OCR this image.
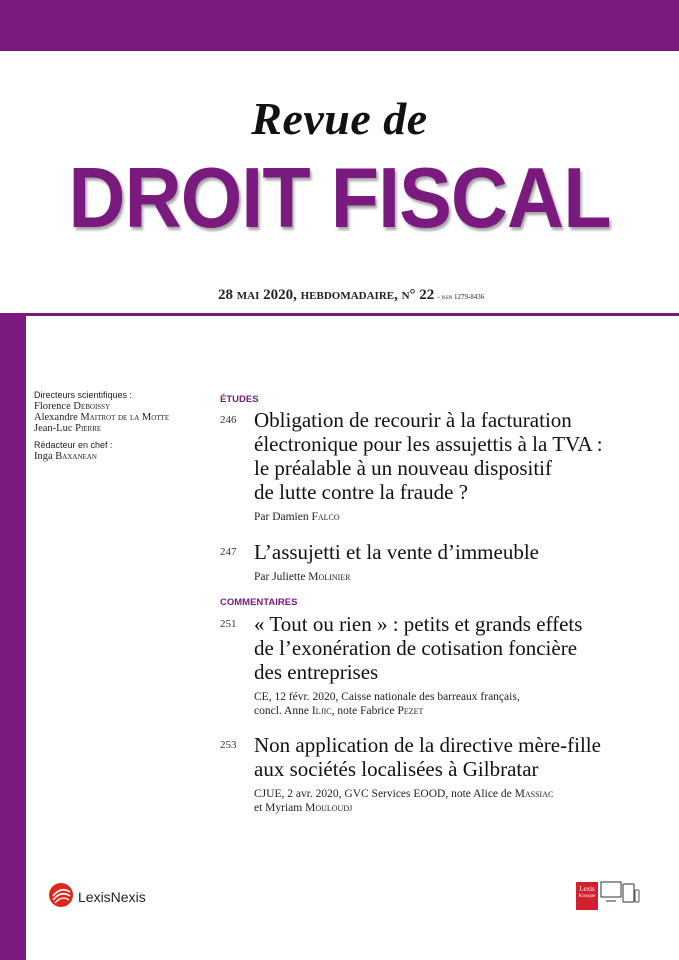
Revue de
DROIT FISCAL
28 mai 2020, hebdomadaire, n° 22 - issn 1279-8436
Directeurs scientifiques :
Florence Deboissy
Alexandre Maitrot de la Motte
Jean-Luc Pierre
Rédacteur en chef :
Inga Baxanean
ÉTUDES
246 Obligation de recourir à la facturation
électronique pour les assujettis à la TVA :
le préalable à un nouveau dispositif
de lutte contre la fraude ?
Par Damien Falco
247 L’assujetti et la vente d’immeuble
Par Juliette Molinier
COMMENTAIRES
251 « Tout ou rien » : petits et grands effets
de l’exonération de cotisation foncière
des entreprises
CE, 12 févr. 2020, Caisse nationale des barreaux français,
concl. Anne Iljic, note Fabrice Pezet
253 Non application de la directive mère-fille
aux sociétés localisées à Gilbratar
CJUE, 2 avr. 2020, GVC Services EOOD, note Alice de Massiac
et Myriam Mouloudj
LexisNexis	Lexis
Kiosque
